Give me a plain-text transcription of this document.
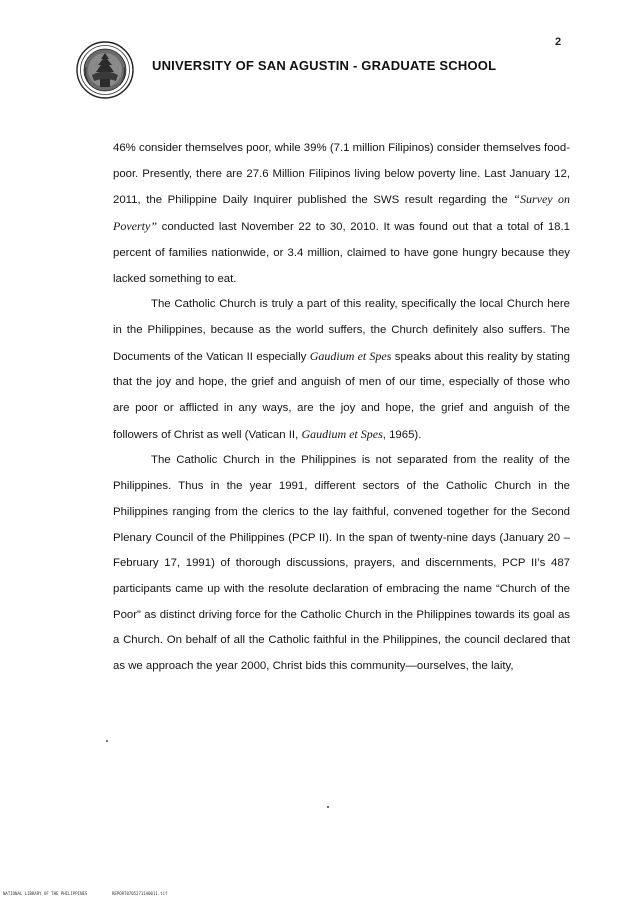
2
UNIVERSITY OF SAN AGUSTIN - GRADUATE SCHOOL

46% consider themselves poor, while 39% (7.1 million Filipinos) consider themselves food-poor. Presently, there are 27.6 Million Filipinos living below poverty line. Last January 12, 2011, the Philippine Daily Inquirer published the SWS result regarding the “Survey on Poverty” conducted last November 22 to 30, 2010. It was found out that a total of 18.1 percent of families nationwide, or 3.4 million, claimed to have gone hungry because they lacked something to eat.

The Catholic Church is truly a part of this reality, specifically the local Church here in the Philippines, because as the world suffers, the Church definitely also suffers. The Documents of the Vatican II especially Gaudium et Spes speaks about this reality by stating that the joy and hope, the grief and anguish of men of our time, especially of those who are poor or afflicted in any ways, are the joy and hope, the grief and anguish of the followers of Christ as well (Vatican II, Gaudium et Spes, 1965).

The Catholic Church in the Philippines is not separated from the reality of the Philippines. Thus in the year 1991, different sectors of the Catholic Church in the Philippines ranging from the clerics to the lay faithful, convened together for the Second Plenary Council of the Philippines (PCP II). In the span of twenty-nine days (January 20 – February 17, 1991) of thorough discussions, prayers, and discernments, PCP II’s 487 participants came up with the resolute declaration of embracing the name “Church of the Poor” as distinct driving force for the Catholic Church in the Philippines towards its goal as a Church. On behalf of all the Catholic faithful in the Philippines, the council declared that as we approach the year 2000, Christ bids this community—ourselves, the laity,

NATIONAL LIBRARY OF THE PHILIPPINES	REPORT07052711A0011.tif
